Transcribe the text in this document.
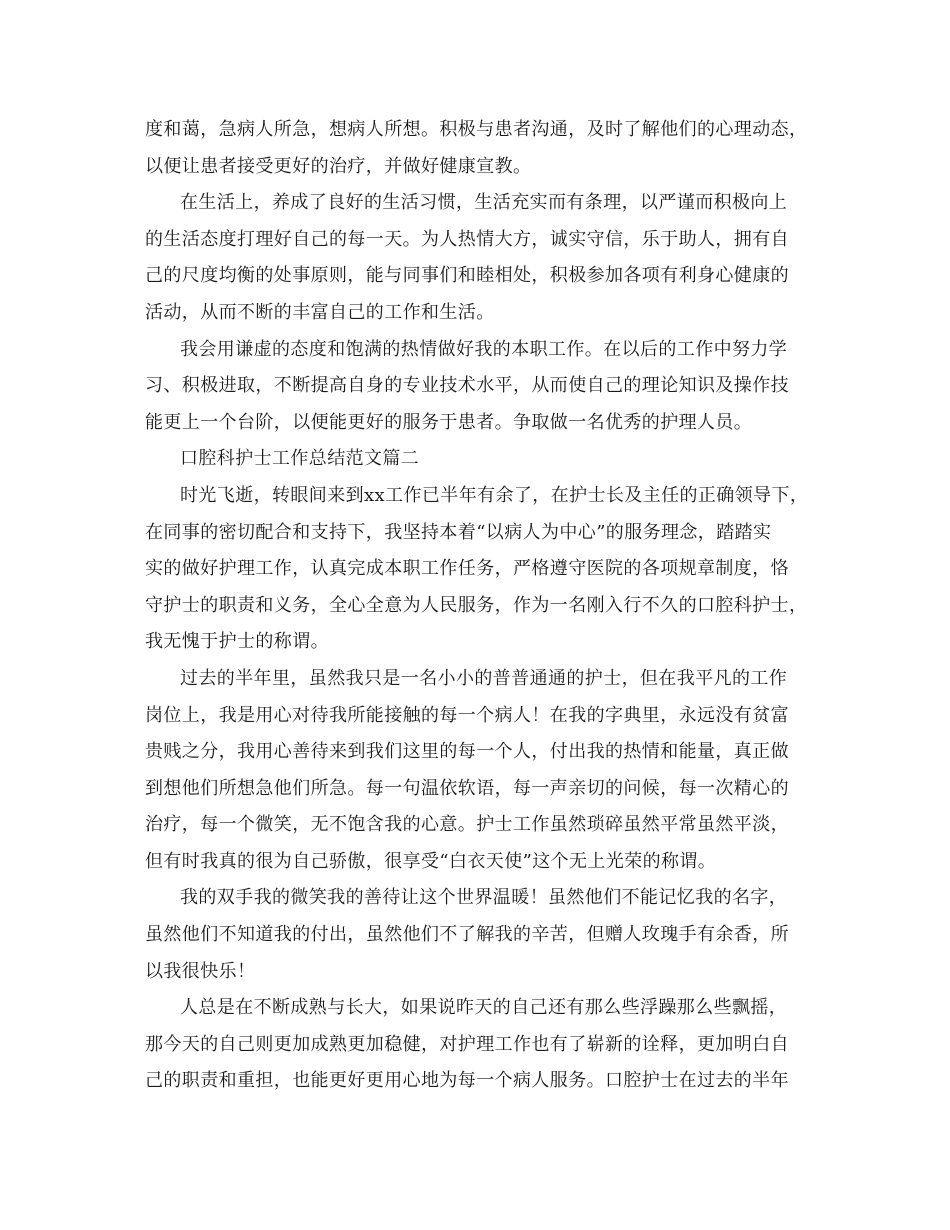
度和蔼，急病人所急，想病人所想。积极与患者沟通，及时了解他们的心理动态，
以便让患者接受更好的治疗，并做好健康宣教。
在生活上，养成了良好的生活习惯，生活充实而有条理，以严谨而积极向上
的生活态度打理好自己的每一天。为人热情大方，诚实守信，乐于助人，拥有自
己的尺度均衡的处事原则，能与同事们和睦相处，积极参加各项有利身心健康的
活动，从而不断的丰富自己的工作和生活。
我会用谦虚的态度和饱满的热情做好我的本职工作。在以后的工作中努力学
习、积极进取，不断提高自身的专业技术水平，从而使自己的理论知识及操作技
能更上一个台阶，以便能更好的服务于患者。争取做一名优秀的护理人员。
口腔科护士工作总结范文篇二
时光飞逝，转眼间来到xx工作已半年有余了，在护士长及主任的正确领导下，
在同事的密切配合和支持下，我坚持本着“以病人为中心”的服务理念，踏踏实
实的做好护理工作，认真完成本职工作任务，严格遵守医院的各项规章制度，恪
守护士的职责和义务，全心全意为人民服务，作为一名刚入行不久的口腔科护士，
我无愧于护士的称谓。
过去的半年里，虽然我只是一名小小的普普通通的护士，但在我平凡的工作
岗位上，我是用心对待我所能接触的每一个病人！在我的字典里，永远没有贫富
贵贱之分，我用心善待来到我们这里的每一个人，付出我的热情和能量，真正做
到想他们所想急他们所急。每一句温依软语，每一声亲切的问候，每一次精心的
治疗，每一个微笑，无不饱含我的心意。护士工作虽然琐碎虽然平常虽然平淡，
但有时我真的很为自己骄傲，很享受“白衣天使”这个无上光荣的称谓。
我的双手我的微笑我的善待让这个世界温暖！虽然他们不能记忆我的名字，
虽然他们不知道我的付出，虽然他们不了解我的辛苦，但赠人玫瑰手有余香，所
以我很快乐！
人总是在不断成熟与长大，如果说昨天的自己还有那么些浮躁那么些飘摇，
那今天的自己则更加成熟更加稳健，对护理工作也有了崭新的诠释，更加明白自
己的职责和重担，也能更好更用心地为每一个病人服务。口腔护士在过去的半年
